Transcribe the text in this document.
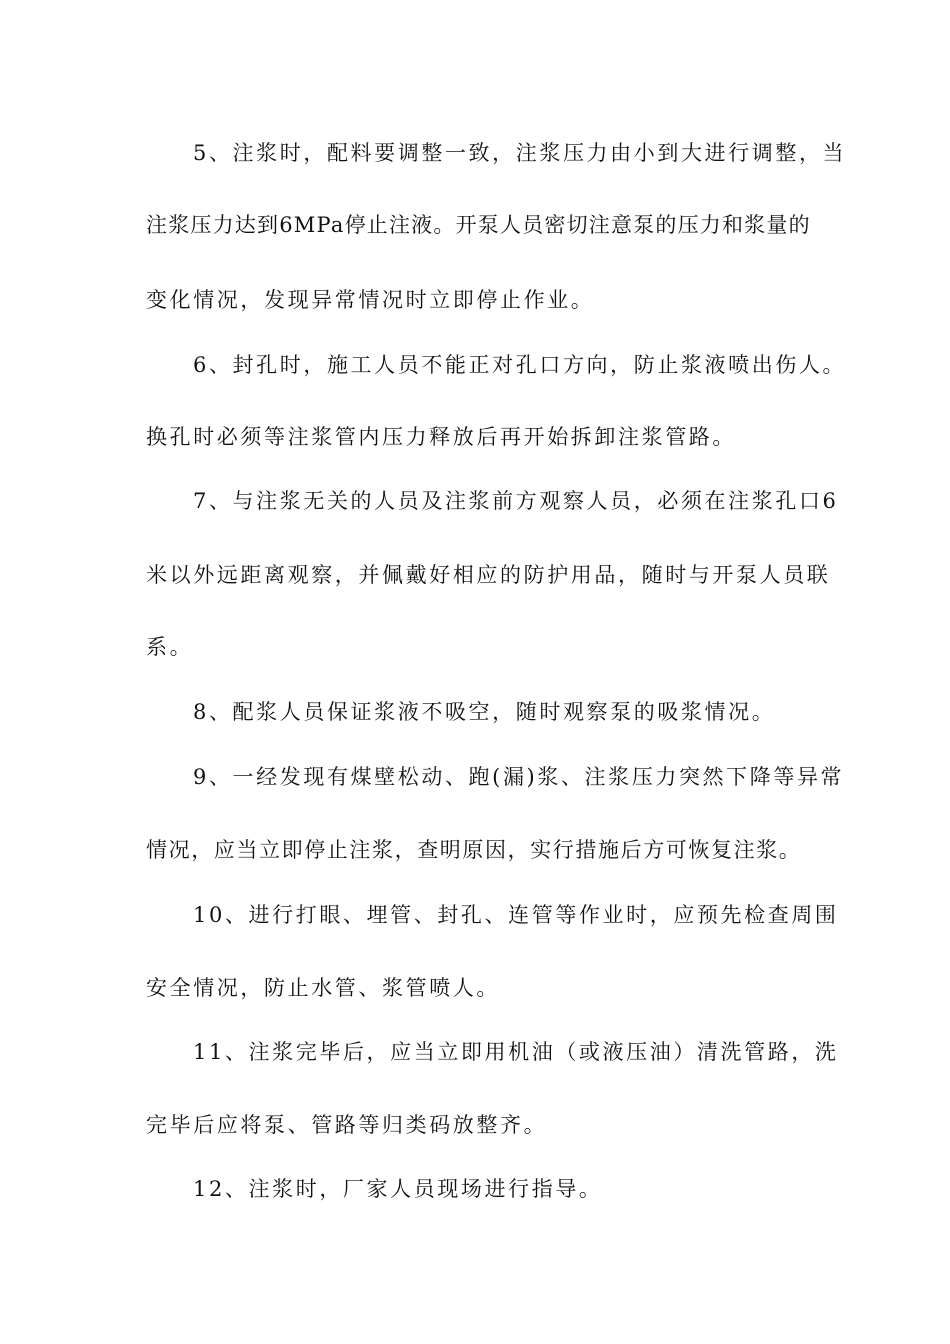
5、注浆时，配料要调整一致，注浆压力由小到大进行调整，当
注浆压力达到6MPa停止注液。开泵人员密切注意泵的压力和浆量的
变化情况，发现异常情况时立即停止作业。
6、封孔时，施工人员不能正对孔口方向，防止浆液喷出伤人。
换孔时必须等注浆管内压力释放后再开始拆卸注浆管路。
7、与注浆无关的人员及注浆前方观察人员，必须在注浆孔口6
米以外远距离观察，并佩戴好相应的防护用品，随时与开泵人员联
系。
8、配浆人员保证浆液不吸空，随时观察泵的吸浆情况。
9、一经发现有煤壁松动、跑(漏)浆、注浆压力突然下降等异常
情况，应当立即停止注浆，查明原因，实行措施后方可恢复注浆。
10、进行打眼、埋管、封孔、连管等作业时，应预先检查周围
安全情况，防止水管、浆管喷人。
11、注浆完毕后，应当立即用机油（或液压油）清洗管路，洗
完毕后应将泵、管路等归类码放整齐。
12、注浆时，厂家人员现场进行指导。
